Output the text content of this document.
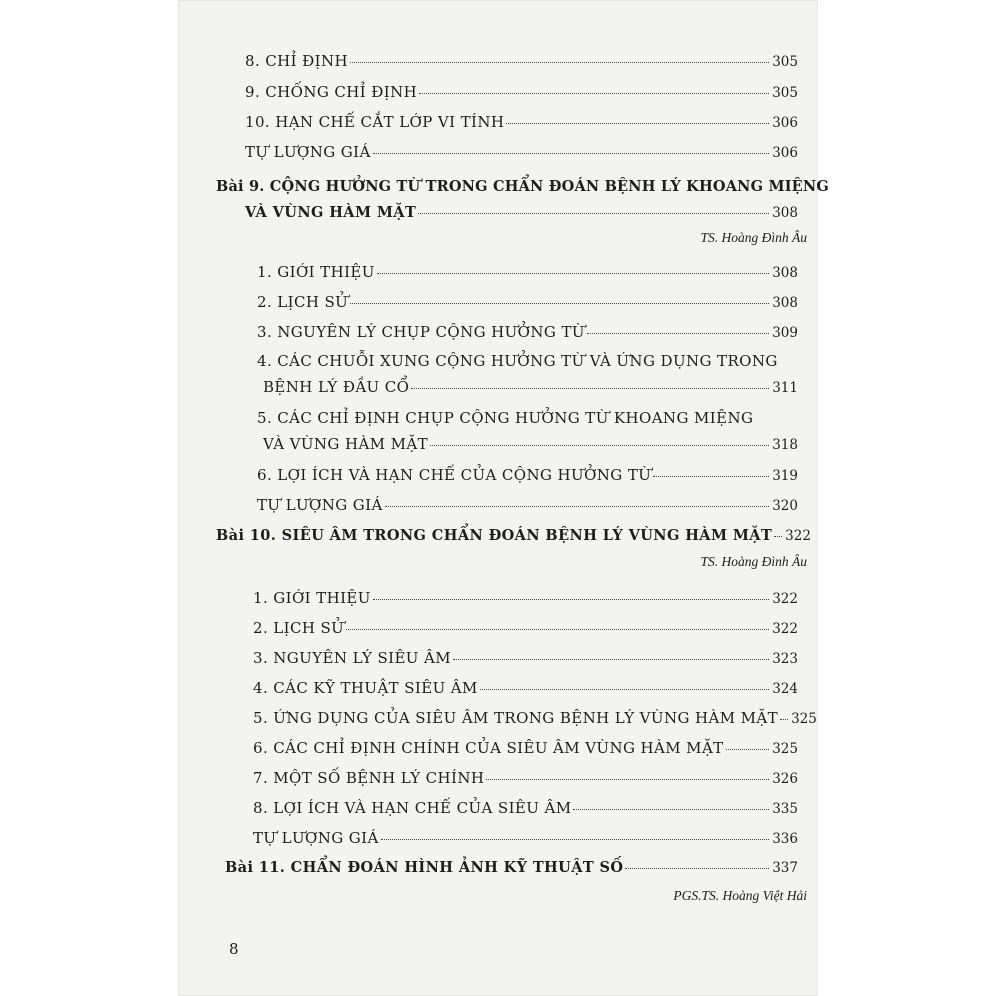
8. CHỈ ĐỊNH	305
9. CHỐNG CHỈ ĐỊNH	305
10. HẠN CHẾ CẮT LỚP VI TÍNH	306
TỰ LƯỢNG GIÁ	306
Bài 9. CỘNG HƯỞNG TỪ TRONG CHẨN ĐOÁN BỆNH LÝ KHOANG MIỆNG
VÀ VÙNG HÀM MẶT	308
TS. Hoàng Đình Âu
1. GIỚI THIỆU	308
2. LỊCH SỬ	308
3. NGUYÊN LÝ CHỤP CỘNG HƯỞNG TỪ	309
4. CÁC CHUỖI XUNG CỘNG HƯỞNG TỪ VÀ ỨNG DỤNG TRONG
BỆNH LÝ ĐẦU CỔ	311
5. CÁC CHỈ ĐỊNH CHỤP CỘNG HƯỞNG TỪ KHOANG MIỆNG
VÀ VÙNG HÀM MẶT	318
6. LỢI ÍCH VÀ HẠN CHẾ CỦA CỘNG HƯỞNG TỪ	319
TỰ LƯỢNG GIÁ	320
Bài 10. SIÊU ÂM TRONG CHẨN ĐOÁN BỆNH LÝ VÙNG HÀM MẶT 322
TS. Hoàng Đình Âu
1. GIỚI THIỆU	322
2. LỊCH SỬ	322
3. NGUYÊN LÝ SIÊU ÂM	323
4. CÁC KỸ THUẬT SIÊU ÂM	324
5. ỨNG DỤNG CỦA SIÊU ÂM TRONG BỆNH LÝ VÙNG HÀM MẶT 325
6. CÁC CHỈ ĐỊNH CHÍNH CỦA SIÊU ÂM VÙNG HÀM MẶT	325
7. MỘT SỐ BỆNH LÝ CHÍNH	326
8. LỢI ÍCH VÀ HẠN CHẾ CỦA SIÊU ÂM	335
TỰ LƯỢNG GIÁ	336
Bài 11. CHẨN ĐOÁN HÌNH ẢNH KỸ THUẬT SỐ	337
PGS.TS. Hoàng Việt Hải
8
